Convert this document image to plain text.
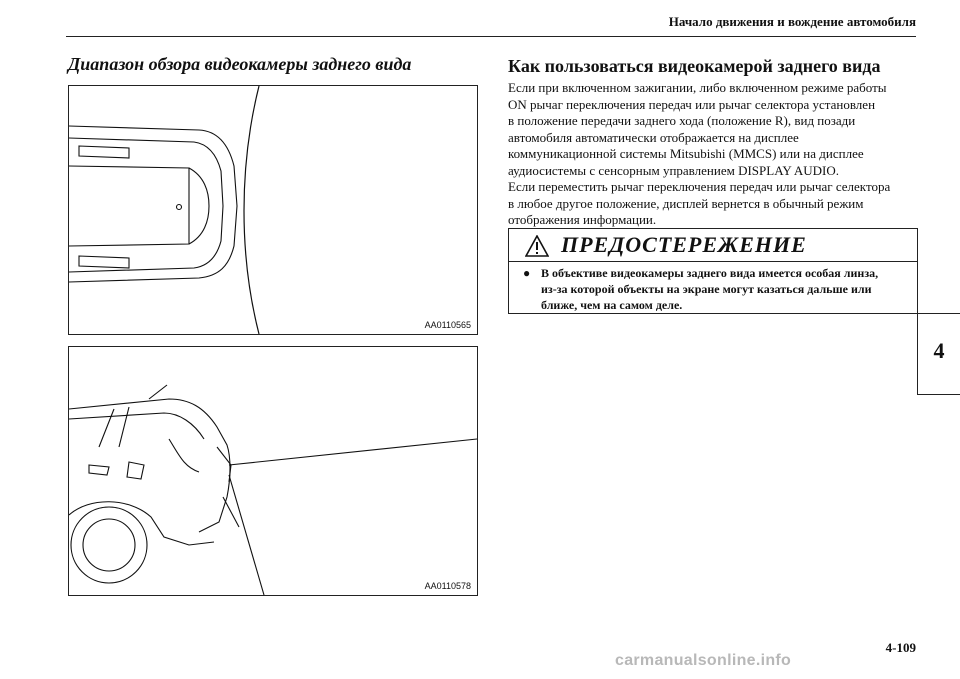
Начало движения и вождение автомобиля
Диапазон обзора видеокамеры заднего вида
AA0110565
AA0110578
Как пользоваться видеокамерой заднего вида

Если при включенном зажигании, либо включенном режиме работы

ON рычаг переключения передач или рычаг селектора установлен

в положение передачи заднего хода (положение R), вид позади

автомобиля автоматически отображается на дисплее

коммуникационной системы Mitsubishi (MMCS) или на дисплее

аудиосистемы с сенсорным управлением DISPLAY AUDIO.

Если переместить рычаг переключения передач или рычаг селектора

в любое другое положение, дисплей вернется в обычный режим

отображения информации.

ПРЕДОСТЕРЕЖЕНИЕ
● В объективе видеокамеры заднего вида имеется особая линза,
из-за которой объекты на экране могут казаться дальше или
ближе, чем на самом деле.
4
4-109
carmanualsonline.info
